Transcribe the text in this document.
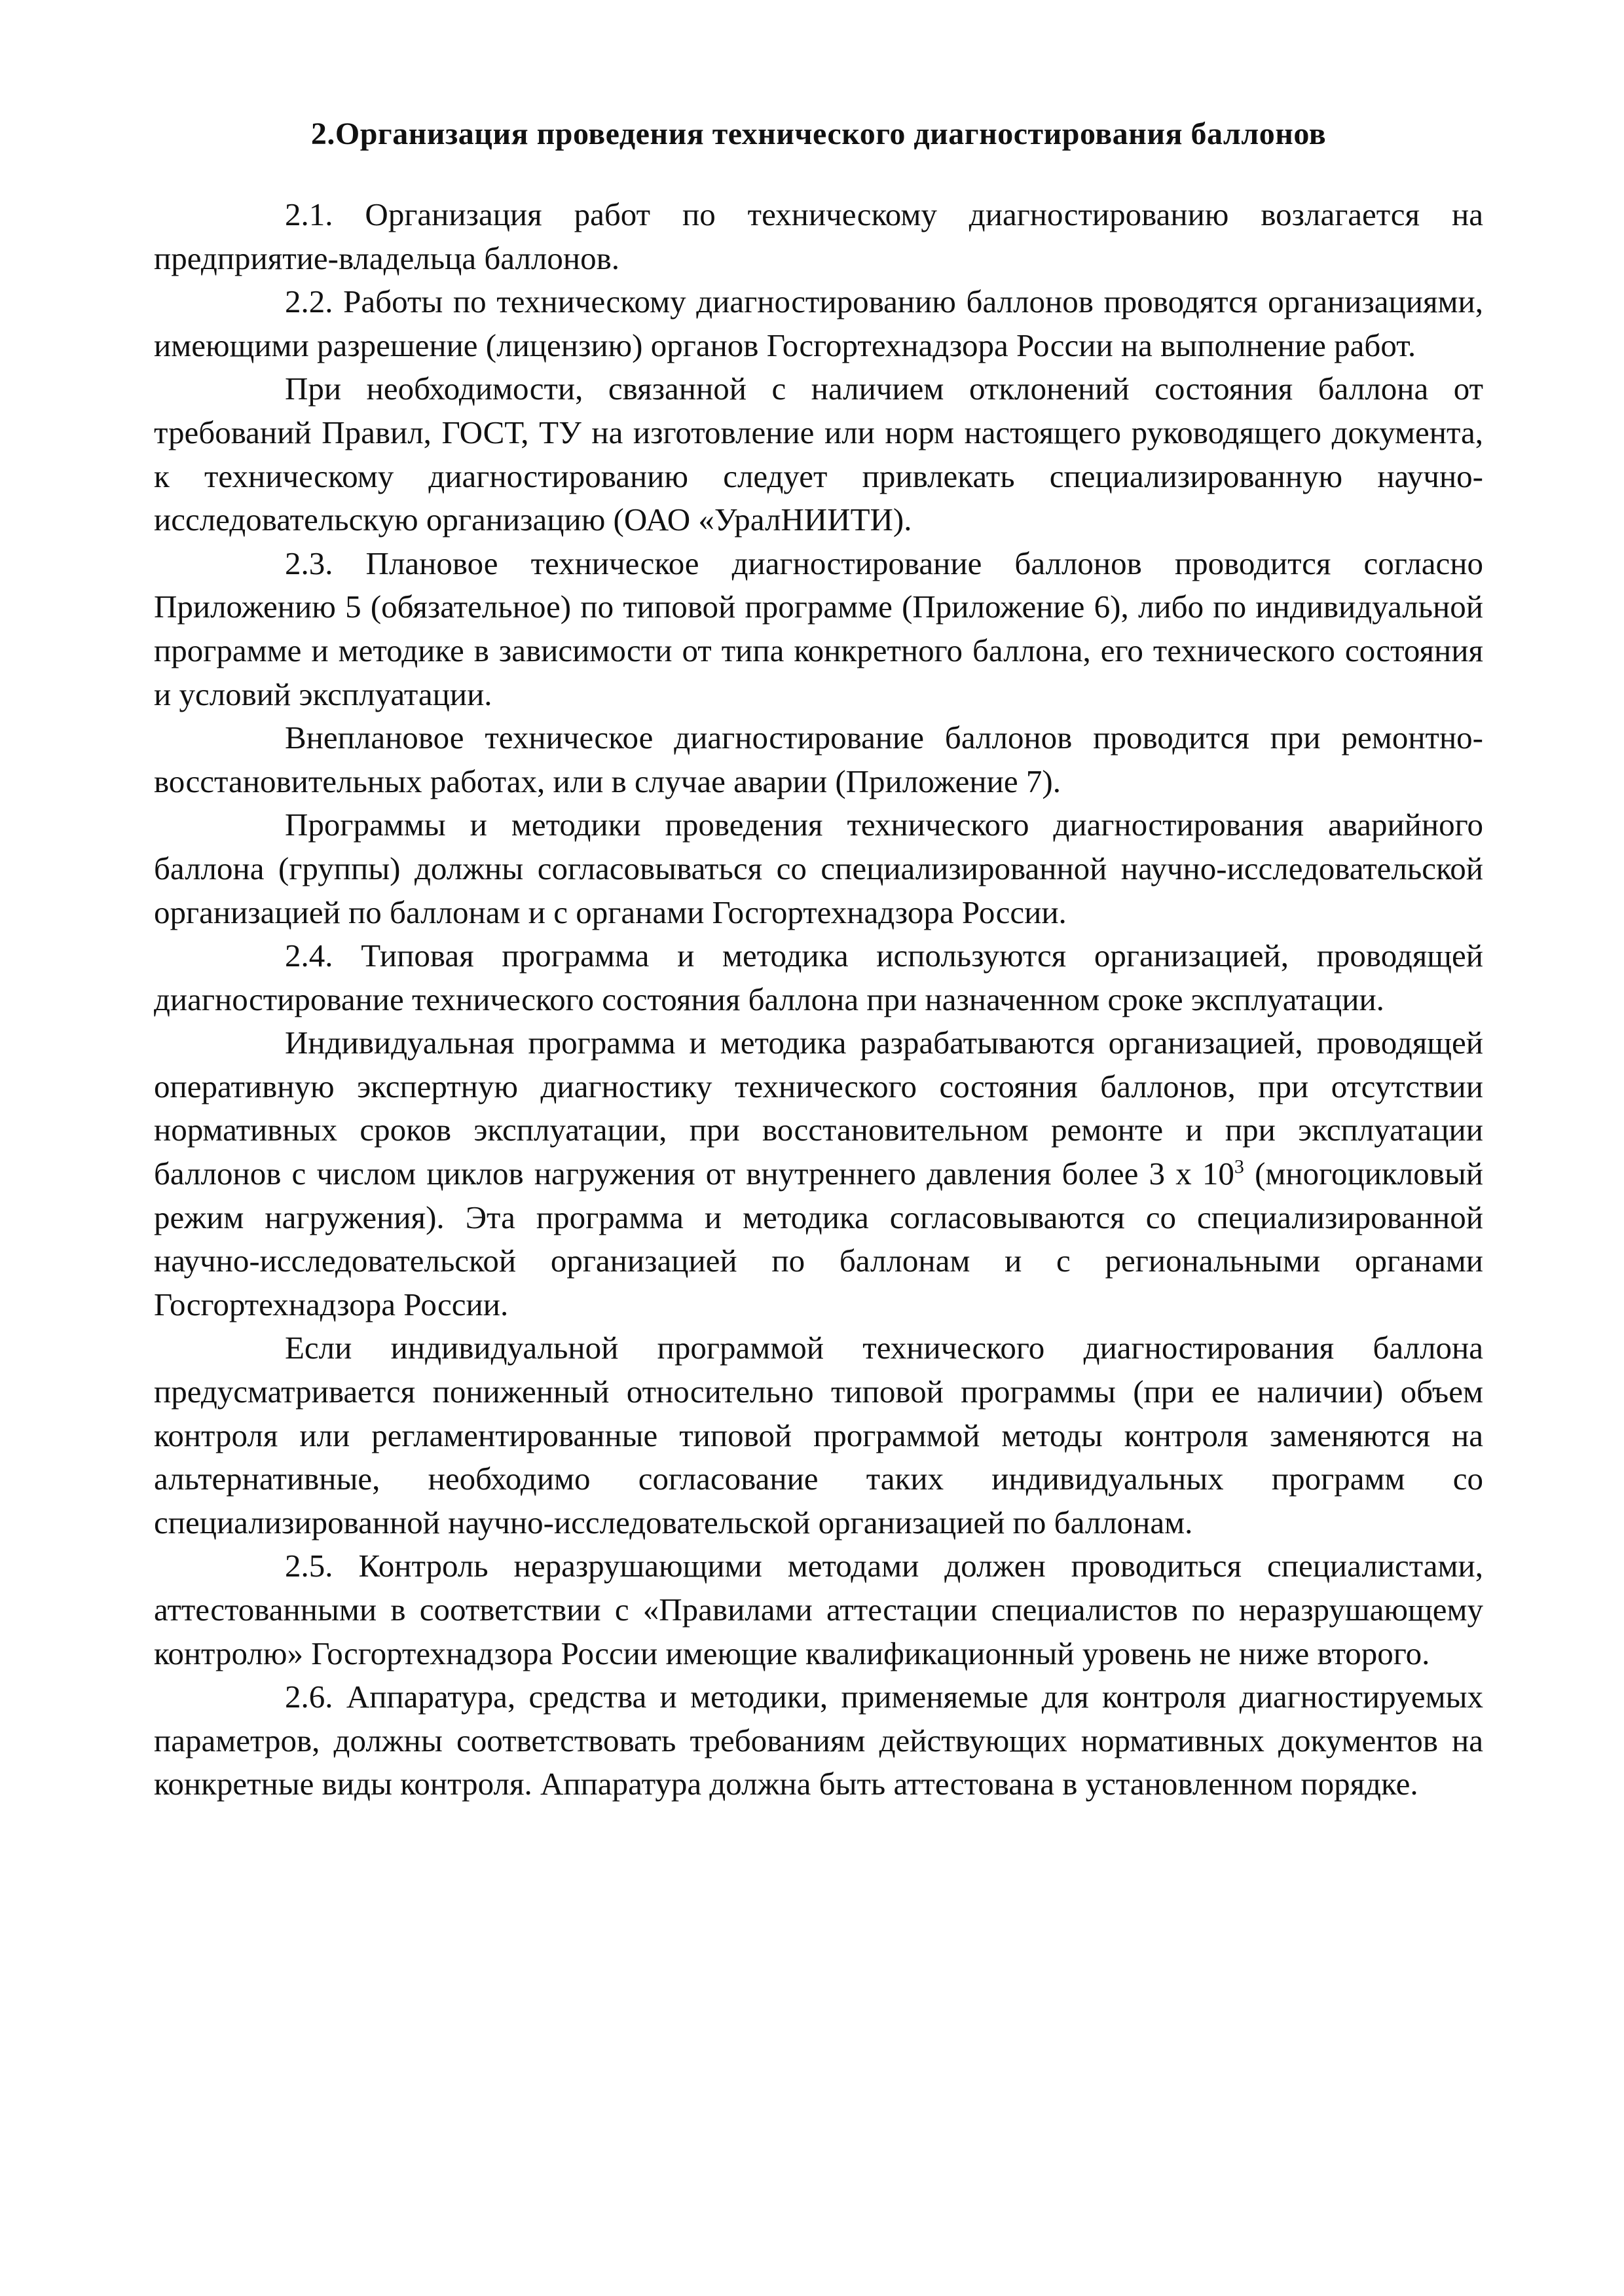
2.Организация проведения технического диагностирования баллонов

2.1. Организация работ по техническому диагностированию возлагается на предприятие-владельца баллонов.

2.2. Работы по техническому диагностированию баллонов проводятся организациями, имеющими разрешение (лицензию) органов Госгортехнадзора России на выполнение работ.

При необходимости, связанной с наличием отклонений состояния баллона от требований Правил, ГОСТ, ТУ на изготовление или норм настоящего руководящего документа, к техническому диагностированию следует привлекать специализированную научно-исследовательскую организацию (ОАО «УралНИИТИ).

2.3. Плановое техническое диагностирование баллонов проводится согласно Приложению 5 (обязательное) по типовой программе (Приложение 6), либо по индивидуальной программе и методике в зависимости от типа конкретного баллона, его технического состояния и условий эксплуатации.

Внеплановое техническое диагностирование баллонов проводится при ремонтно-восстановительных работах, или в случае аварии (Приложение 7).

Программы и методики проведения технического диагностирования аварийного баллона (группы) должны согласовываться со специализированной научно-исследовательской организацией по баллонам и с органами Госгортехнадзора России.

2.4. Типовая программа и методика используются организацией, проводящей диагностирование технического состояния баллона при назначенном сроке эксплуатации.

Индивидуальная программа и методика разрабатываются организацией, проводящей оперативную экспертную диагностику технического состояния баллонов, при отсутствии нормативных сроков эксплуатации, при восстановительном ремонте и при эксплуатации баллонов с числом циклов нагружения от внутреннего давления более 3 х $10^3$ (многоцикловый режим нагружения). Эта программа и методика согласовываются со специализированной научно-исследовательской организацией по баллонам и с региональными органами Госгортехнадзора России.

Если индивидуальной программой технического диагностирования баллона предусматривается пониженный относительно типовой программы (при ее наличии) объем контроля или регламентированные типовой программой методы контроля заменяются на альтернативные, необходимо согласование таких индивидуальных программ со специализированной научно-исследовательской организацией по баллонам.

2.5. Контроль неразрушающими методами должен проводиться специалистами, аттестованными в соответствии с «Правилами аттестации специалистов по неразрушающему контролю» Госгортехнадзора России имеющие квалификационный уровень не ниже второго.

2.6. Аппаратура, средства и методики, применяемые для контроля диагностируемых параметров, должны соответствовать требованиям действующих нормативных документов на конкретные виды контроля. Аппаратура должна быть аттестована в установленном порядке.
